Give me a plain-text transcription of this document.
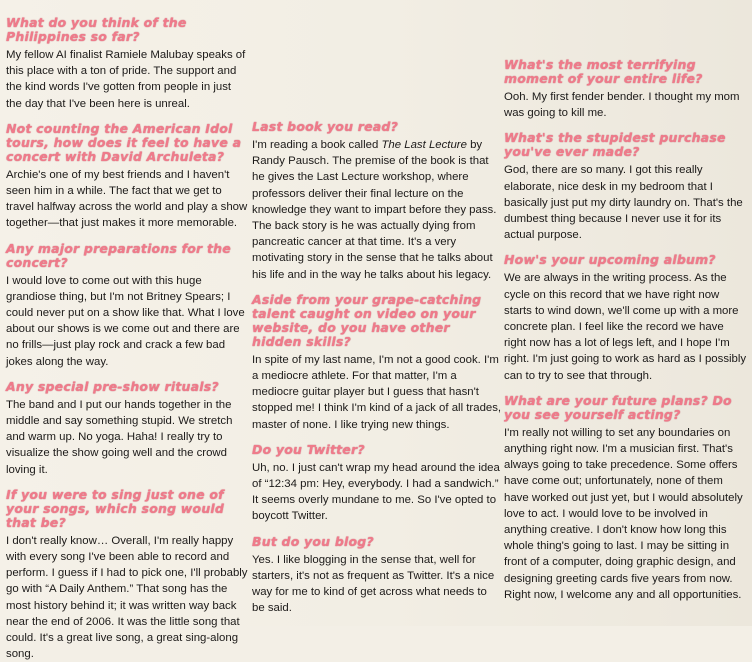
What do you think of the Philippines so far?

My fellow AI finalist Ramiele Malubay speaks of this place with a ton of pride. The support and the kind words I've gotten from people in just the day that I've been here is unreal.

Not counting the American Idol tours, how does it feel to have a concert with David Archuleta?

Archie's one of my best friends and I haven't seen him in a while. The fact that we get to travel halfway across the world and play a show together—that just makes it more memorable.

Any major preparations for the concert?

I would love to come out with this huge grandiose thing, but I'm not Britney Spears; I could never put on a show like that. What I love about our shows is we come out and there are no frills—just play rock and crack a few bad jokes along the way.

Any special pre-show rituals?

The band and I put our hands together in the middle and say something stupid. We stretch and warm up. No yoga. Haha! I really try to visualize the show going well and the crowd loving it.

If you were to sing just one of your songs, which song would that be?

I don't really know… Overall, I'm really happy with every song I've been able to record and perform. I guess if I had to pick one, I'll probably go with “A Daily Anthem.” That song has the most history behind it; it was written way back near the end of 2006. It was the little song that could. It's a great live song, a great sing-along song.

Last book you read?

I'm reading a book called The Last Lecture by Randy Pausch. The premise of the book is that he gives the Last Lecture workshop, where professors deliver their final lecture on the knowledge they want to impart before they pass. The back story is he was actually dying from pancreatic cancer at that time. It's a very motivating story in the sense that he talks about his life and in the way he talks about his legacy.

Aside from your grape-catching talent caught on video on your website, do you have other hidden skills?

In spite of my last name, I'm not a good cook. I'm a mediocre athlete. For that matter, I'm a mediocre guitar player but I guess that hasn't stopped me! I think I'm kind of a jack of all trades, master of none. I like trying new things.

Do you Twitter?

Uh, no. I just can't wrap my head around the idea of “12:34 pm: Hey, everybody. I had a sandwich.” It seems overly mundane to me. So I've opted to boycott Twitter.

But do you blog?

Yes. I like blogging in the sense that, well for starters, it's not as frequent as Twitter. It's a nice way for me to kind of get across what needs to be said.

What's the most terrifying moment of your entire life?

Ooh. My first fender bender. I thought my mom was going to kill me.

What's the stupidest purchase you've ever made?

God, there are so many. I got this really elaborate, nice desk in my bedroom that I basically just put my dirty laundry on. That's the dumbest thing because I never use it for its actual purpose.

How's your upcoming album?

We are always in the writing process. As the cycle on this record that we have right now starts to wind down, we'll come up with a more concrete plan. I feel like the record we have right now has a lot of legs left, and I hope I'm right. I'm just going to work as hard as I possibly can to try to see that through.

What are your future plans? Do you see yourself acting?

I'm really not willing to set any boundaries on anything right now. I'm a musician first. That's always going to take precedence. Some offers have come out; unfortunately, none of them have worked out just yet, but I would absolutely love to act. I would love to be involved in anything creative. I don't know how long this whole thing's going to last. I may be sitting in front of a computer, doing graphic design, and designing greeting cards five years from now. Right now, I welcome any and all opportunities.
